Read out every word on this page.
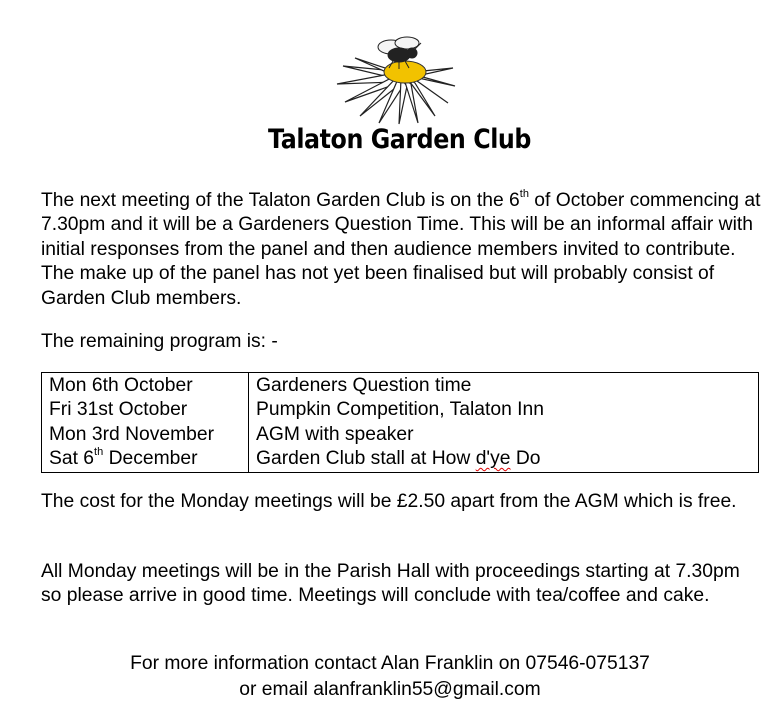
Talaton Garden Club

The next meeting of the Talaton Garden Club is on the 6th of October commencing at 7.30pm and it will be a Gardeners Question Time. This will be an informal affair with initial responses from the panel and then audience members invited to contribute. The make up of the panel has not yet been finalised but will probably consist of Garden Club members.

The remaining program is: -

Mon 6th October	Gardeners Question time
Fri 31st October	Pumpkin Competition, Talaton Inn
Mon 3rd November	AGM with speaker
Sat 6th December	Garden Club stall at How d'ye Do

The cost for the Monday meetings will be £2.50 apart from the AGM which is free.

All Monday meetings will be in the Parish Hall with proceedings starting at 7.30pm so please arrive in good time. Meetings will conclude with tea/coffee and cake.

For more information contact Alan Franklin on 07546-075137
or email alanfranklin55@gmail.com
